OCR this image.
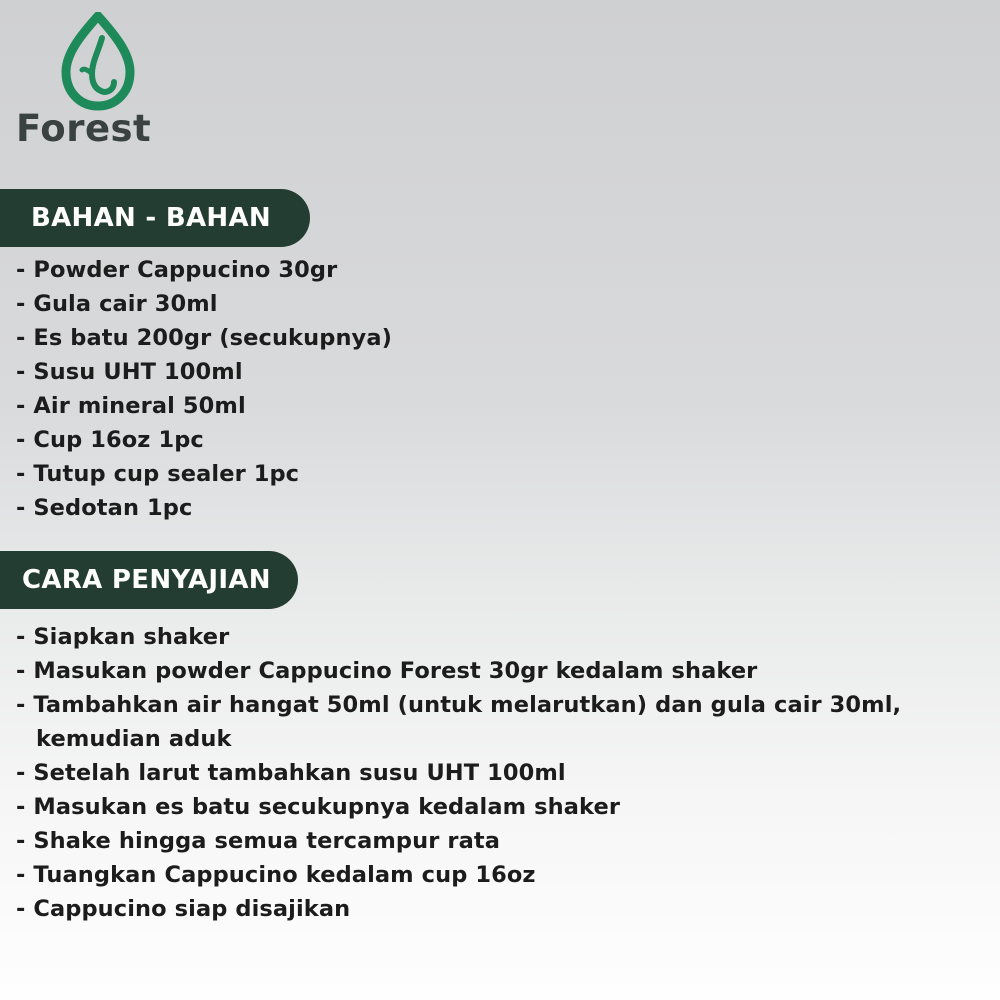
Forest
BAHAN - BAHAN
- Powder Cappucino 30gr
- Gula cair 30ml
- Es batu 200gr (secukupnya)
- Susu UHT 100ml
- Air mineral 50ml
- Cup 16oz 1pc
- Tutup cup sealer 1pc
- Sedotan 1pc
CARA PENYAJIAN
- Siapkan shaker
- Masukan powder Cappucino Forest 30gr kedalam shaker
- Tambahkan air hangat 50ml (untuk melarutkan) dan gula cair 30ml,
kemudian aduk
- Setelah larut tambahkan susu UHT 100ml
- Masukan es batu secukupnya kedalam shaker
- Shake hingga semua tercampur rata
- Tuangkan Cappucino kedalam cup 16oz
- Cappucino siap disajikan
